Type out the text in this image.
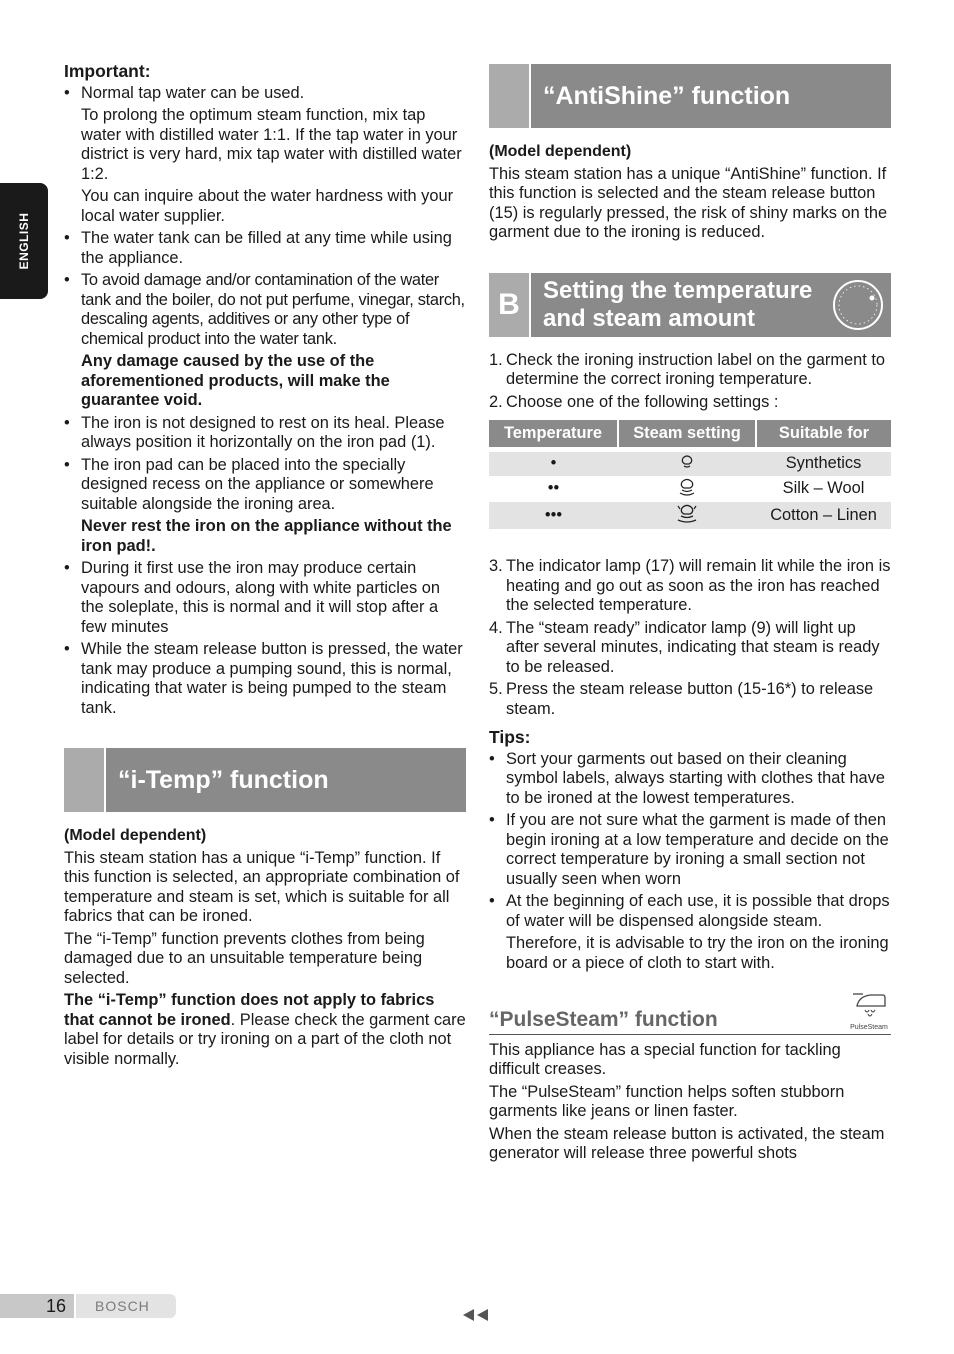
ENGLISH
Important:
• Normal tap water can be used.
To prolong the optimum steam function, mix tap water with distilled water 1:1. If the tap water in your district is very hard, mix tap water with distilled water 1:2.
You can inquire about the water hardness with your local water supplier.
• The water tank can be filled at any time while using the appliance.
• To avoid damage and/or contamination of the water tank and the boiler, do not put perfume, vinegar, starch, descaling agents, additives or any other type of chemical product into the water tank.
Any damage caused by the use of the aforementioned products, will make the guarantee void.
• The iron is not designed to rest on its heal. Please always position it horizontally on the iron pad (1).
• The iron pad can be placed into the specially designed recess on the appliance or somewhere suitable alongside the ironing area.
Never rest the iron on the appliance without the iron pad!.
• During it first use the iron may produce certain vapours and odours, along with white particles on the soleplate, this is normal and it will stop after a few minutes
• While the steam release button is pressed, the water tank may produce a pumping sound, this is normal, indicating that water is being pumped to the steam tank.
“i-Temp” function
(Model dependent)

This steam station has a unique “i-Temp” function. If this function is selected, an appropriate combination of temperature and steam is set, which is suitable for all fabrics that can be ironed.

The “i-Temp” function prevents clothes from being damaged due to an unsuitable temperature being selected.

The “i-Temp” function does not apply to fabrics that cannot be ironed. Please check the garment care label for details or try ironing on a part of the cloth not visible normally.

“AntiShine” function
(Model dependent)

This steam station has a unique “AntiShine” function. If this function is selected and the steam release button (15) is regularly pressed, the risk of shiny marks on the garment due to the ironing is reduced.

B Setting the temperature
and steam amount
1. Check the ironing instruction label on the garment to determine the correct ironing temperature.
2. Choose one of the following settings :
Temperature	Steam setting	Suitable for

•		Synthetics
••		Silk – Wool
•••		Cotton – Linen
3. The indicator lamp (17) will remain lit while the iron is heating and go out as soon as the iron has reached the selected temperature.
4. The “steam ready” indicator lamp (9) will light up after several minutes, indicating that steam is ready to be released.
5. Press the steam release button (15-16*) to release steam.
Tips:
• Sort your garments out based on their cleaning symbol labels, always starting with clothes that have to be ironed at the lowest temperatures.
• If you are not sure what the garment is made of then begin ironing at a low temperature and decide on the correct temperature by ironing a small section not usually seen when worn
• At the beginning of each use, it is possible that drops of water will be dispensed alongside steam.
Therefore, it is advisable to try the iron on the ironing board or a piece of cloth to start with.
“PulseSteam” function	PulseSteam

This appliance has a special function for tackling difficult creases.

The “PulseSteam” function helps soften stubborn garments like jeans or linen faster.

When the steam release button is activated, the steam generator will release three powerful shots

16	BOSCH
